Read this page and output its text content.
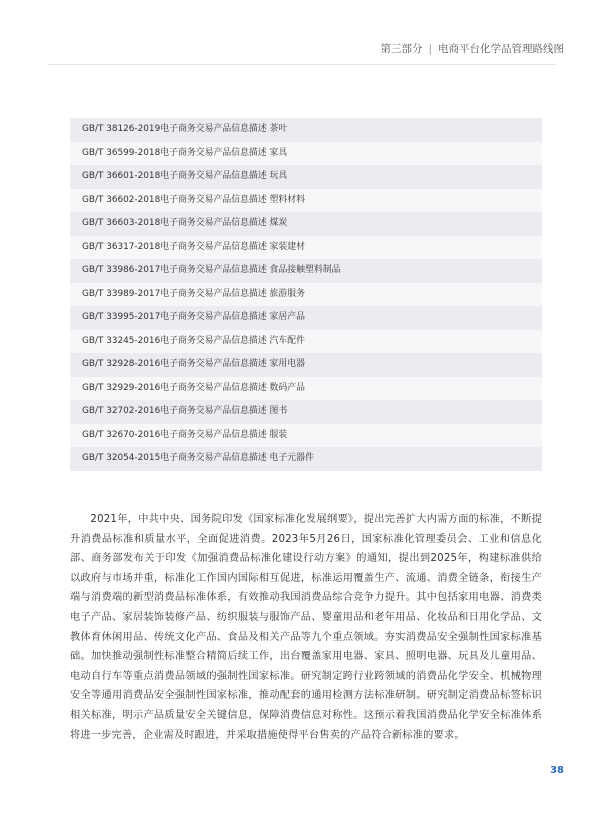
第三部分 | 电商平台化学品管理路线图
GB/T 38126-2019电子商务交易产品信息描述 茶叶
GB/T 36599-2018电子商务交易产品信息描述 家具
GB/T 36601-2018电子商务交易产品信息描述 玩具
GB/T 36602-2018电子商务交易产品信息描述 塑料材料
GB/T 36603-2018电子商务交易产品信息描述 煤炭
GB/T 36317-2018电子商务交易产品信息描述 家装建材
GB/T 33986-2017电子商务交易产品信息描述 食品接触塑料制品
GB/T 33989-2017电子商务交易产品信息描述 旅游服务
GB/T 33995-2017电子商务交易产品信息描述 家居产品
GB/T 33245-2016电子商务交易产品信息描述 汽车配件
GB/T 32928-2016电子商务交易产品信息描述 家用电器
GB/T 32929-2016电子商务交易产品信息描述 数码产品
GB/T 32702-2016电子商务交易产品信息描述 图书
GB/T 32670-2016电子商务交易产品信息描述 服装
GB/T 32054-2015电子商务交易产品信息描述 电子元器件

2021年，中共中央、国务院印发《国家标准化发展纲要》，提出完善扩大内需方面的标准，不断提升消费品标准和质量水平，全面促进消费。2023年5月26日，国家标准化管理委员会、工业和信息化部、商务部发布关于印发《加强消费品标准化建设行动方案》的通知，提出到2025年，构建标准供给以政府与市场并重，标准化工作国内国际相互促进，标准运用覆盖生产、流通、消费全链条，衔接生产端与消费端的新型消费品标准体系，有效推动我国消费品综合竞争力提升。其中包括家用电器、消费类电子产品、家居装饰装修产品、纺织服装与服饰产品、婴童用品和老年用品、化妆品和日用化学品、文教体育休闲用品、传统文化产品、食品及相关产品等九个重点领域。夯实消费品安全强制性国家标准基础。加快推动强制性标准整合精简后续工作，出台覆盖家用电器、家具、照明电器、玩具及儿童用品、电动自行车等重点消费品领域的强制性国家标准。研究制定跨行业跨领域的消费品化学安全、机械物理安全等通用消费品安全强制性国家标准，推动配套的通用检测方法标准研制。研究制定消费品标签标识相关标准，明示产品质量安全关键信息，保障消费信息对称性。这预示着我国消费品化学安全标准体系将进一步完善，企业需及时跟进，并采取措施使得平台售卖的产品符合新标准的要求。

38
